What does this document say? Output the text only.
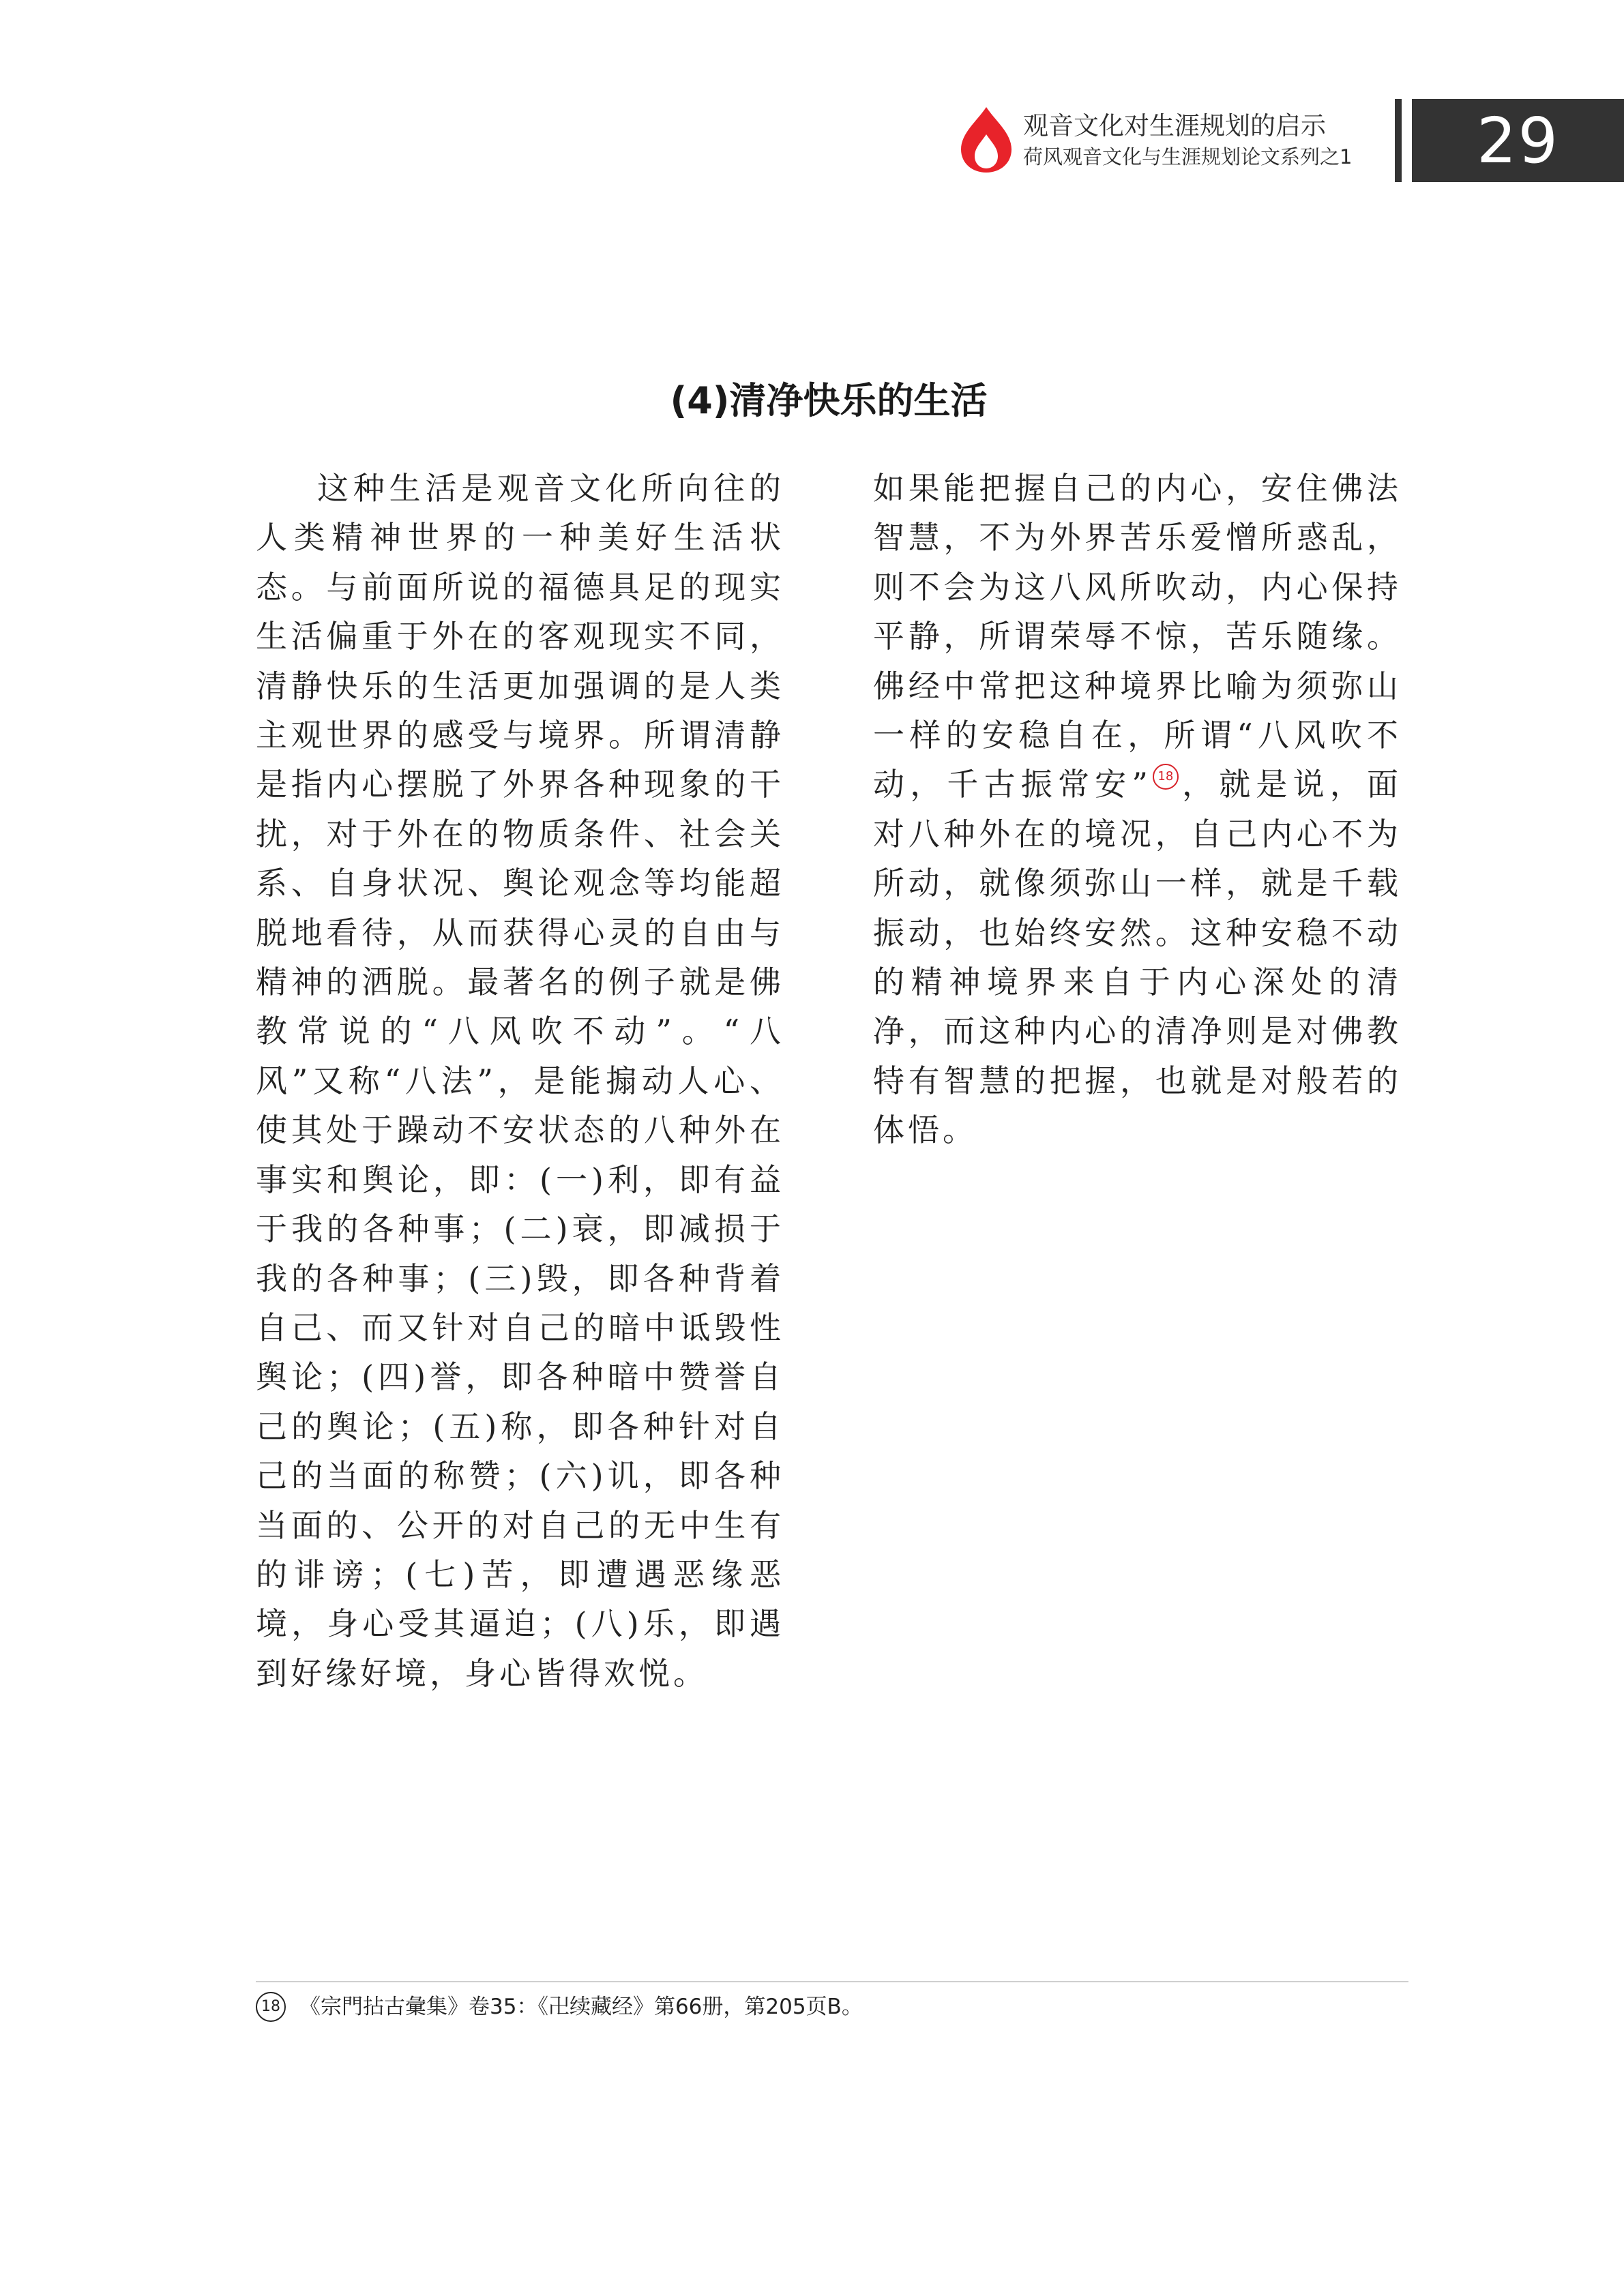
观音文化对生涯规划的启示
荷风观音文化与生涯规划论文系列之1	29
(4)清净快乐的生活

这种生活是观音文化所向往的人类精神世界的一种美好生活状态。与前面所说的福德具足的现实生活偏重于外在的客观现实不同，清静快乐的生活更加强调的是人类主观世界的感受与境界。所谓清静是指内心摆脱了外界各种现象的干扰，对于外在的物质条件、社会关系、自身状况、舆论观念等均能超脱地看待，从而获得心灵的自由与精神的洒脱。最著名的例子就是佛教常说的“八风吹不动”。“八风”又称“八法”，是能搧动人心、使其处于躁动不安状态的八种外在事实和舆论，即：(一)利，即有益于我的各种事；(二)衰，即减损于我的各种事；(三)毁，即各种背着自己、而又针对自己的暗中诋毁性舆论；(四)誉，即各种暗中赞誉自己的舆论；(五)称，即各种针对自己的当面的称赞；(六)讥，即各种当面的、公开的对自己的无中生有的诽谤；(七)苦，即遭遇恶缘恶境，身心受其逼迫；(八)乐，即遇到好缘好境，身心皆得欢悦。

如果能把握自己的内心，安住佛法智慧，不为外界苦乐爱憎所惑乱，则不会为这八风所吹动，内心保持平静，所谓荣辱不惊，苦乐随缘。佛经中常把这种境界比喻为须弥山一样的安稳自在，所谓“八风吹不动，千古振常安” 18 ，就是说，面对八种外在的境况，自己内心不为所动，就像须弥山一样，就是千载振动，也始终安然。这种安稳不动的精神境界来自于内心深处的清净，而这种内心的清净则是对佛教特有智慧的把握，也就是对般若的体悟。

18 《宗門拈古彙集》卷35：《卍续藏经》第66册，第205页B。
